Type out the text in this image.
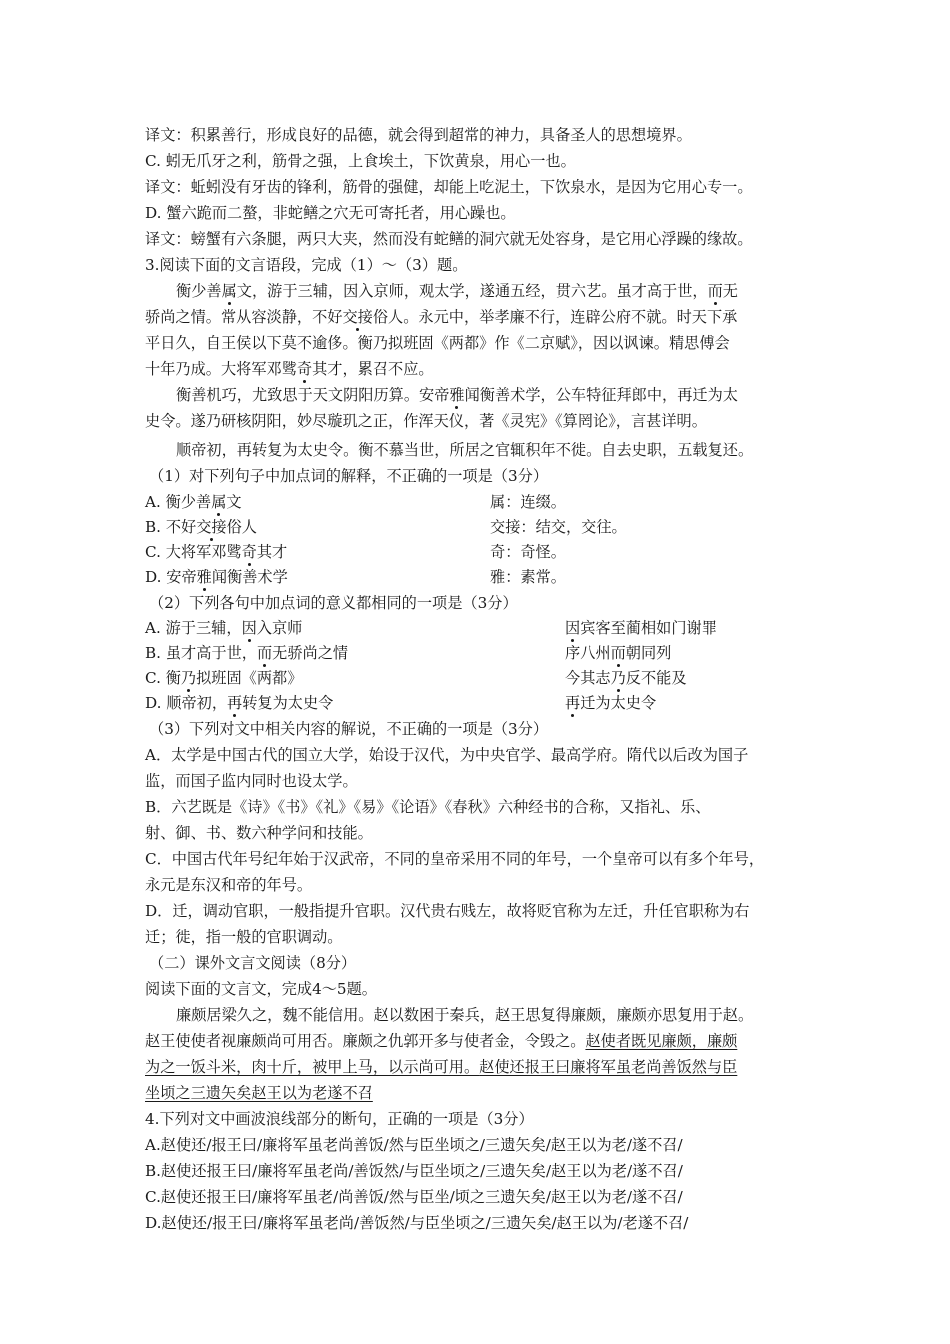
译文：积累善行，形成良好的品德，就会得到超常的神力，具备圣人的思想境界。
C. 蚓无爪牙之利，筋骨之强，上食埃土，下饮黄泉，用心一也。
译文：蚯蚓没有牙齿的锋利，筋骨的强健，却能上吃泥土，下饮泉水，是因为它用心专一。
D. 蟹六跪而二螯，非蛇鳝之穴无可寄托者，用心躁也。
译文：螃蟹有六条腿，两只大夹，然而没有蛇鳝的洞穴就无处容身，是它用心浮躁的缘故。
3.阅读下面的文言语段，完成（1）～（3）题。
衡少善属文，游于三辅，因入京师，观太学，遂通五经，贯六艺。虽才高于世，而无
骄尚之情。常从容淡静，不好交接俗人。永元中，举孝廉不行，连辟公府不就。时天下承
平日久，自王侯以下莫不逾侈。衡乃拟班固《两都》作《二京赋》，因以讽谏。精思傅会
十年乃成。大将军邓骘奇其才，累召不应。
衡善机巧，尤致思于天文阴阳历算。安帝雅闻衡善术学，公车特征拜郎中，再迁为太
史令。遂乃研核阴阳，妙尽璇玑之正，作浑天仪，著《灵宪》《算罔论》，言甚详明。
顺帝初，再转复为太史令。衡不慕当世，所居之官辄积年不徙。自去史职，五载复还。
（1）对下列句子中加点词的解释，不正确的一项是（3分）
A. 衡少善属文	属：连缀。
B. 不好交接俗人	交接：结交，交往。
C. 大将军邓骘奇其才	奇：奇怪。
D. 安帝雅闻衡善术学	雅：素常。
（2）下列各句中加点词的意义都相同的一项是（3分）
A. 游于三辅，因入京师	因宾客至蔺相如门谢罪
B. 虽才高于世，而无骄尚之情	序八州而朝同列
C. 衡乃拟班固《两都》	今其志乃反不能及
D. 顺帝初，再转复为太史令	再迁为太史令
（3）下列对文中相关内容的解说，不正确的一项是（3分）
A．太学是中国古代的国立大学，始设于汉代，为中央官学、最高学府。隋代以后改为国子
监，而国子监内同时也设太学。
B．六艺既是《诗》《书》《礼》《易》《论语》《春秋》六种经书的合称，又指礼、乐、
射、御、书、数六种学问和技能。
C．中国古代年号纪年始于汉武帝，不同的皇帝采用不同的年号，一个皇帝可以有多个年号，
永元是东汉和帝的年号。
D．迁，调动官职，一般指提升官职。汉代贵右贱左，故将贬官称为左迁，升任官职称为右
迁；徙，指一般的官职调动。
（二）课外文言文阅读（8分）
阅读下面的文言文，完成4～5题。
廉颇居梁久之，魏不能信用。赵以数困于秦兵，赵王思复得廉颇，廉颇亦思复用于赵。
赵王使使者视廉颇尚可用否。廉颇之仇郭开多与使者金，令毁之。赵使者既见廉颇，廉颇
为之一饭斗米，肉十斤，被甲上马，以示尚可用。赵使还报王曰廉将军虽老尚善饭然与臣
坐顷之三遗矢矣赵王以为老遂不召
4.下列对文中画波浪线部分的断句，正确的一项是（3分）
A.赵使还/报王曰/廉将军虽老尚善饭/然与臣坐顷之/三遗矢矣/赵王以为老/遂不召/
B.赵使还报王曰/廉将军虽老尚/善饭然/与臣坐顷之/三遗矢矣/赵王以为老/遂不召/
C.赵使还报王曰/廉将军虽老/尚善饭/然与臣坐/顷之三遗矢矣/赵王以为老/遂不召/
D.赵使还/报王曰/廉将军虽老尚/善饭然/与臣坐顷之/三遗矢矣/赵王以为/老遂不召/
